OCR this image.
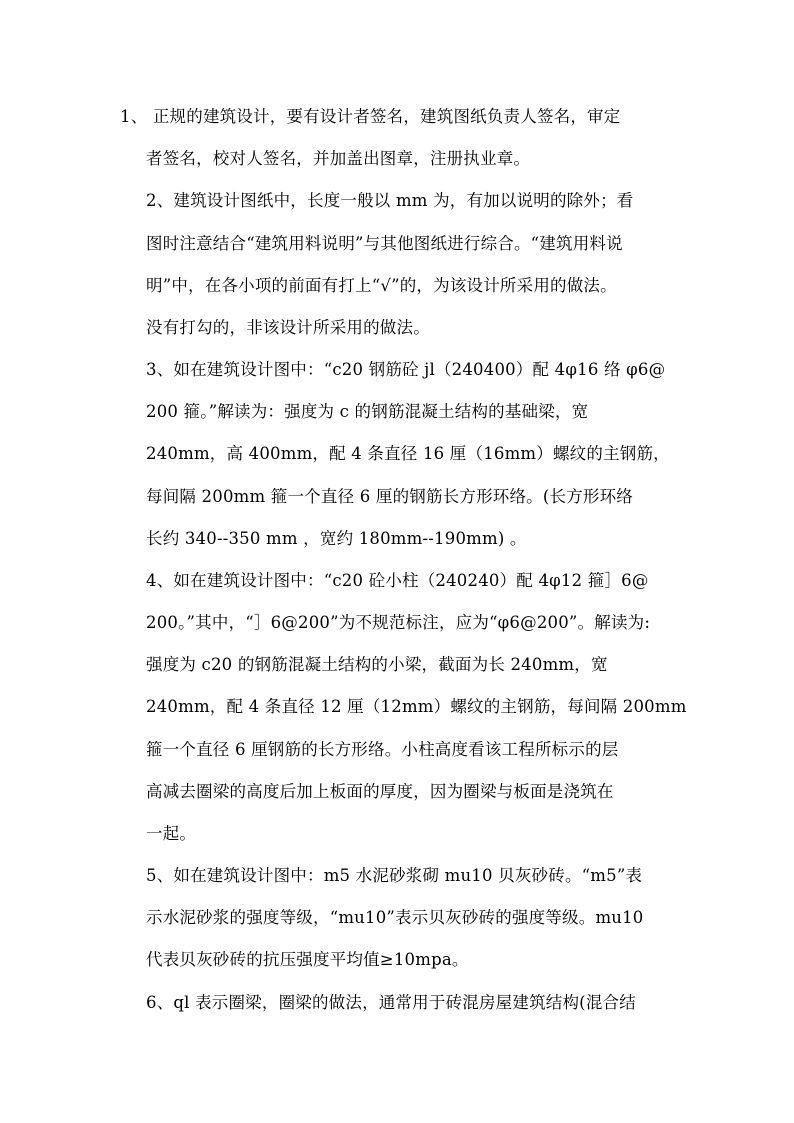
1、 正规的建筑设计，要有设计者签名，建筑图纸负责人签名，审定
者签名，校对人签名，并加盖出图章，注册执业章。
2、建筑设计图纸中，长度一般以 mm 为，有加以说明的除外；看
图时注意结合“建筑用料说明”与其他图纸进行综合。“建筑用料说
明”中，在各小项的前面有打上“√”的，为该设计所采用的做法。
没有打勾的，非该设计所采用的做法。
3、如在建筑设计图中：“c20 钢筋砼 jl（240400）配 4φ16 络 φ6@
200 箍。”解读为：强度为 c 的钢筋混凝土结构的基础梁，宽
240mm，高 400mm，配 4 条直径 16 厘（16mm）螺纹的主钢筋，
每间隔 200mm 箍一个直径 6 厘的钢筋长方形环络。(长方形环络
长约 340--350 mm ，宽约 180mm--190mm) 。
4、如在建筑设计图中：“c20 砼小柱（240240）配 4φ12 箍］6@
200。”其中，“］6@200”为不规范标注，应为“φ6@200”。解读为:
强度为 c20 的钢筋混凝土结构的小梁，截面为长 240mm，宽
240mm，配 4 条直径 12 厘（12mm）螺纹的主钢筋，每间隔 200mm
箍一个直径 6 厘钢筋的长方形络。小柱高度看该工程所标示的层
高减去圈梁的高度后加上板面的厚度，因为圈梁与板面是浇筑在
一起。
5、如在建筑设计图中：m5 水泥砂浆砌 mu10 贝灰砂砖。“m5”表
示水泥砂浆的强度等级，“mu10”表示贝灰砂砖的强度等级。mu10
代表贝灰砂砖的抗压强度平均值≥10mpa。
6、ql 表示圈梁，圈梁的做法，通常用于砖混房屋建筑结构(混合结
